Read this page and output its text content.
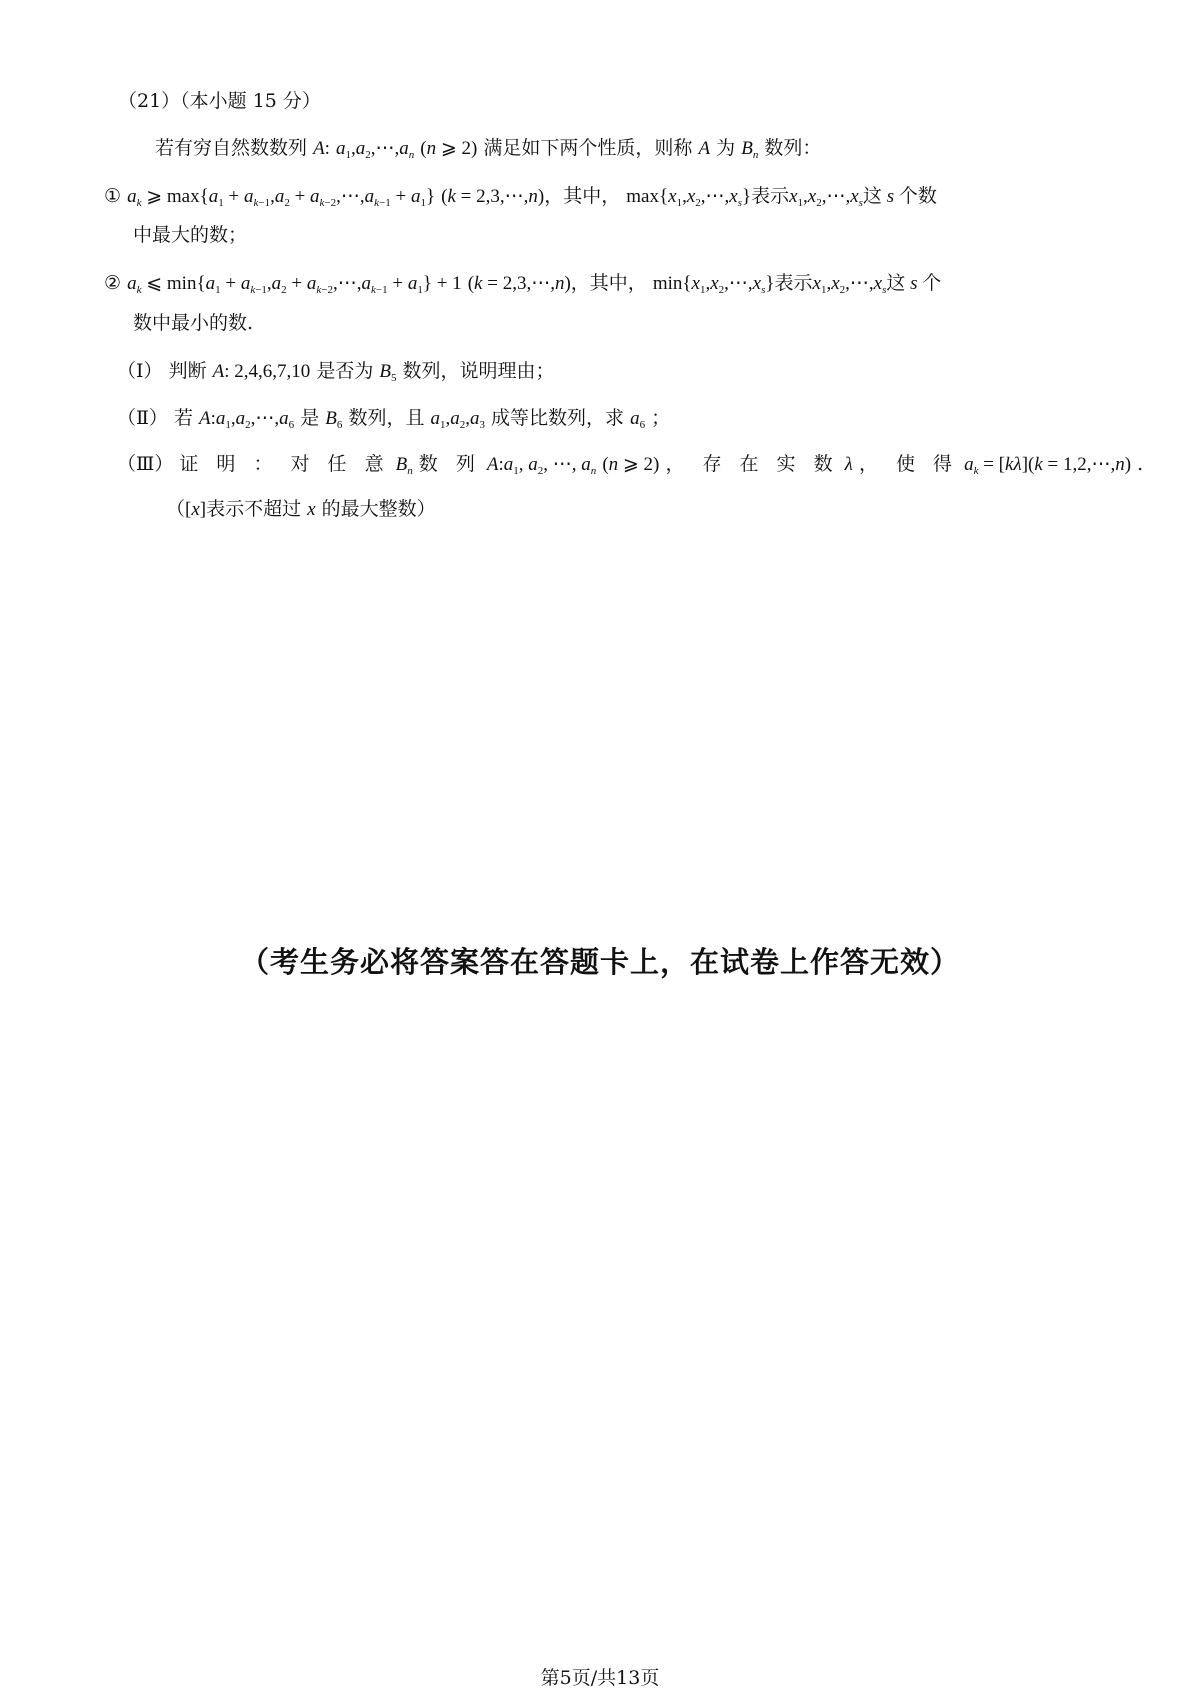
（21）（本小题 15 分）
若有穷自然数数列 A: $a_1,a_2,\cdots,a_n$ (n ⩾ 2) 满足如下两个性质，则称 A 为 $B_n$ 数列：
① $a_k$ ⩾ $\max\{a_1 + a_{k-1},a_2$ + $a_{k-2},\cdots,a_{k-1} + a_1$} (k = 2,3,⋯,n)，其中， $\max\{x_1,x_2,\cdots,x_s\}$表示$x_1,x_2,\cdots,x_s$这 s 个数
中最大的数；
② $a_k$ ⩽ $\min\{a_1 + a_{k-1},a_2$ + $a_{k-2},\cdots,a_{k-1} + a_1\} + 1$ (k = 2,3,⋯,n)，其中， $\min\{x_1,x_2,\cdots,x_s\}$表示$x_1,x_2,\cdots,x_s$这 s 个
数中最小的数.
（Ⅰ） 判断 A: 2,4,6,7,10 是否为 $B_5$ 数列，说明理由；
（Ⅱ） 若 $A:a_1,a_2,\cdots,a_6$ 是 $B_6$ 数列，且 $a_1,a_2,a_3$ 成等比数列，求 $a_6$ ；
（Ⅲ） 证 明 ： 对 任 意 $B_n$ 数 列 $A:a_1$, $a_2$, ⋯, $a_n$ (n ⩾ 2) ， 存 在 实 数 λ ， 使 得 $a_k = [k\lambda](k$ = 1,2,⋯,n) .
（[x]表示不超过 x 的最大整数）
（考生务必将答案答在答题卡上，在试卷上作答无效）
第5页/共13页
